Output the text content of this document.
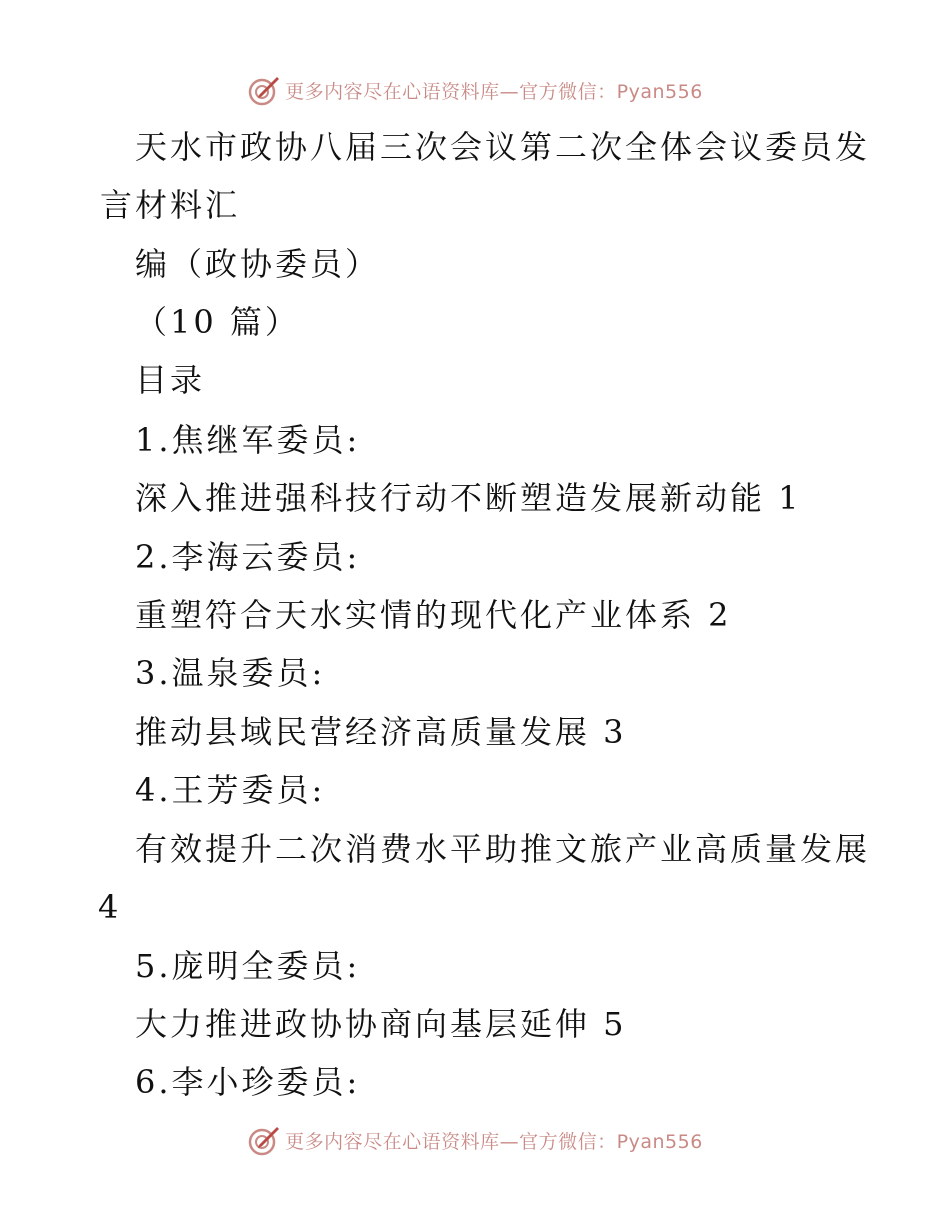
更多内容尽在心语资料库—官方微信：Pyan556
天水市政协八届三次会议第二次全体会议委员发
言材料汇
编（政协委员）
（10 篇）
目录
1.焦继军委员:
深入推进强科技行动不断塑造发展新动能 1
2.李海云委员:
重塑符合天水实情的现代化产业体系 2
3.温泉委员:
推动县域民营经济高质量发展 3
4.王芳委员:
有效提升二次消费水平助推文旅产业高质量发展
4
5.庞明全委员:
大力推进政协协商向基层延伸 5
6.李小珍委员:
更多内容尽在心语资料库—官方微信：Pyan556
